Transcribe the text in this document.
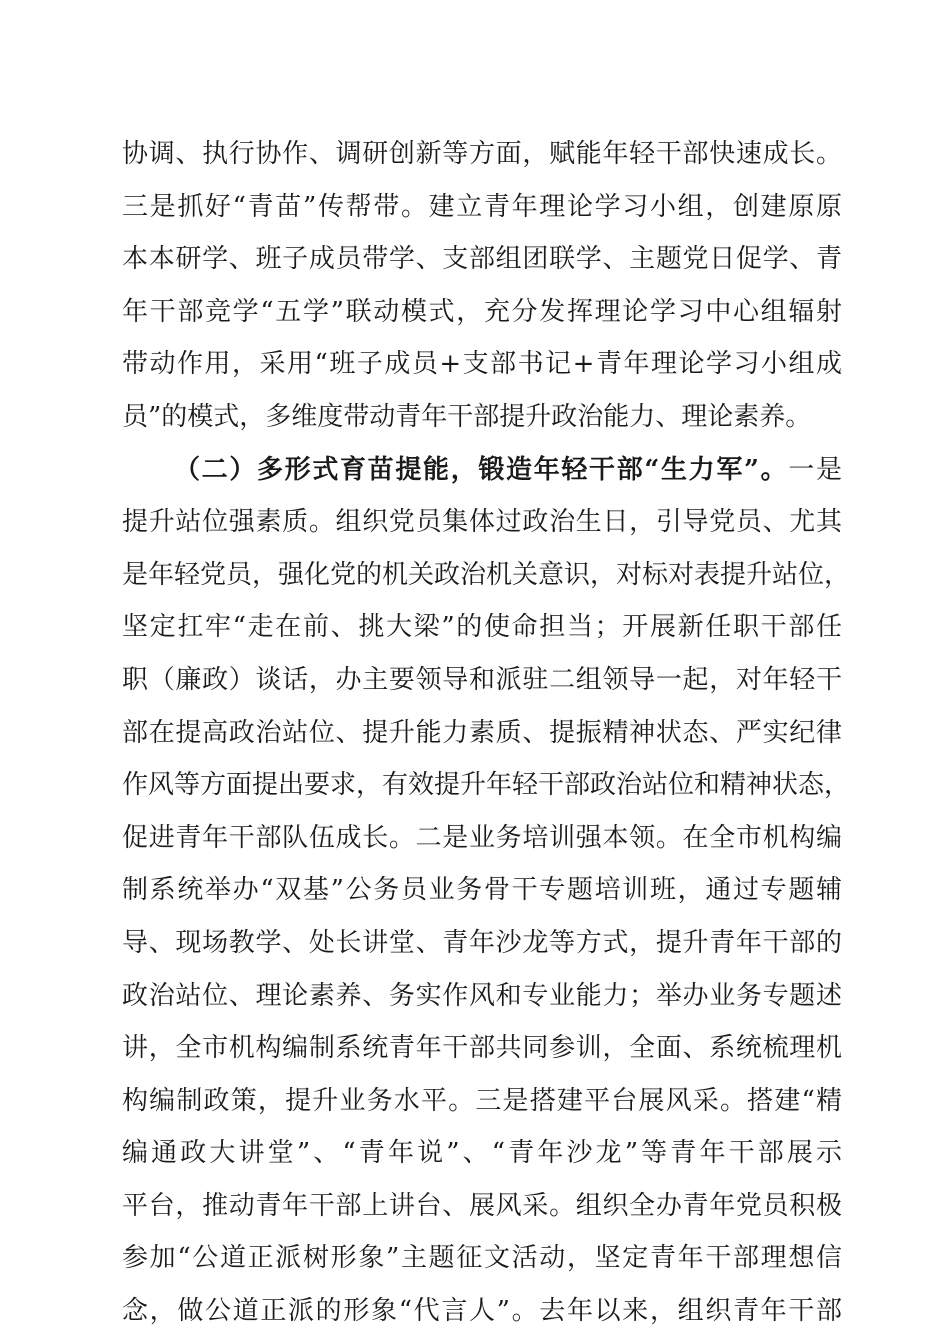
协调、执行协作、调研创新等方面，赋能年轻干部快速成长。
三是抓好“青苗”传帮带。建立青年理论学习小组，创建原原
本本研学、班子成员带学、支部组团联学、主题党日促学、青
年干部竞学“五学”联动模式，充分发挥理论学习中心组辐射
带动作用，采用“班子成员+支部书记+青年理论学习小组成
员”的模式，多维度带动青年干部提升政治能力、理论素养。
（二）多形式育苗提能，锻造年轻干部“生力军”。一是
提升站位强素质。组织党员集体过政治生日，引导党员、尤其
是年轻党员，强化党的机关政治机关意识，对标对表提升站位，
坚定扛牢“走在前、挑大梁”的使命担当；开展新任职干部任
职（廉政）谈话，办主要领导和派驻二组领导一起，对年轻干
部在提高政治站位、提升能力素质、提振精神状态、严实纪律
作风等方面提出要求，有效提升年轻干部政治站位和精神状态，
促进青年干部队伍成长。二是业务培训强本领。在全市机构编
制系统举办“双基”公务员业务骨干专题培训班，通过专题辅
导、现场教学、处长讲堂、青年沙龙等方式，提升青年干部的
政治站位、理论素养、务实作风和专业能力；举办业务专题述
讲，全市机构编制系统青年干部共同参训，全面、系统梳理机
构编制政策，提升业务水平。三是搭建平台展风采。搭建“精
编通政大讲堂”、“青年说”、“青年沙龙”等青年干部展示
平台，推动青年干部上讲台、展风采。组织全办青年党员积极
参加“公道正派树形象”主题征文活动，坚定青年干部理想信
念，做公道正派的形象“代言人”。去年以来，组织青年干部
